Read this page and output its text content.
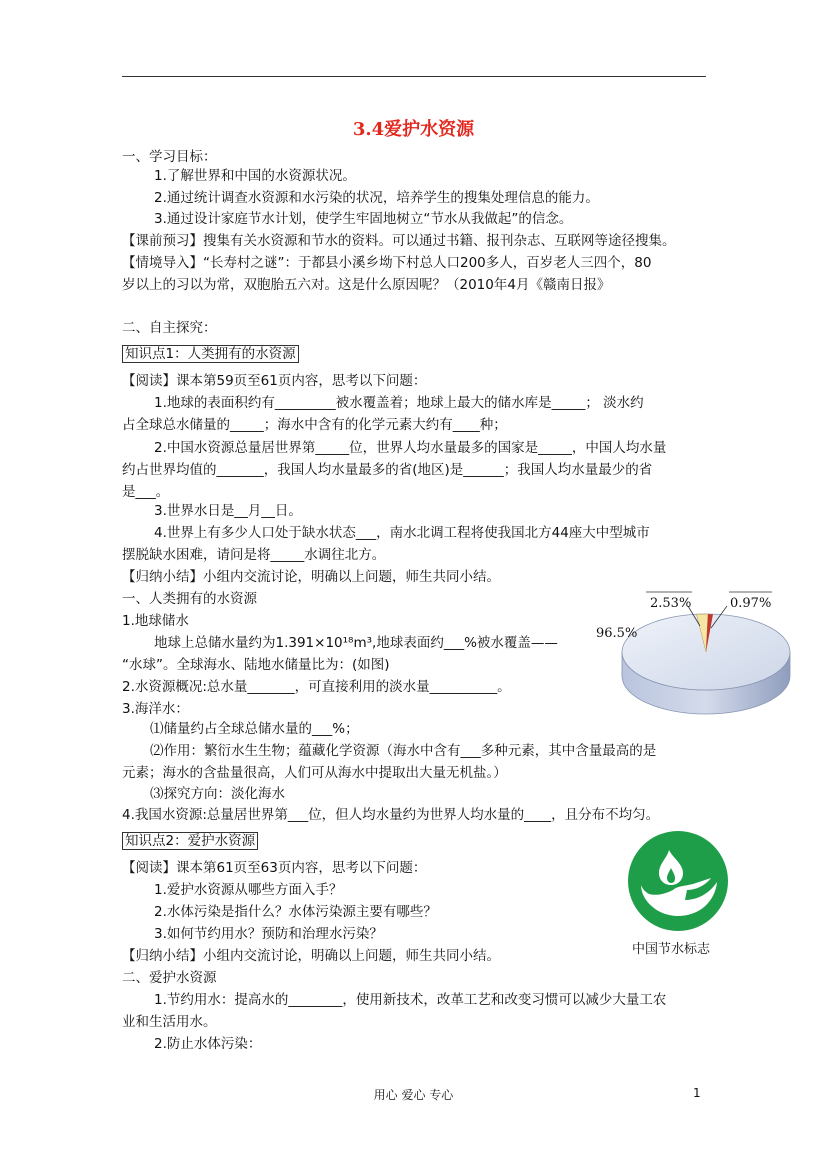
3.4爱护水资源
一、学习目标：
1.了解世界和中国的水资源状况。
2.通过统计调查水资源和水污染的状况，培养学生的搜集处理信息的能力。
3.通过设计家庭节水计划，使学生牢固地树立“节水从我做起”的信念。
【课前预习】搜集有关水资源和节水的资料。可以通过书籍、报刊杂志、互联网等途径搜集。
【情境导入】“长寿村之谜”：于都县小溪乡坳下村总人口200多人，百岁老人三四个，80
岁以上的习以为常，双胞胎五六对。这是什么原因呢？（2010年4月《赣南日报》
二、自主探究：
知识点1：人类拥有的水资源
【阅读】课本第59页至61页内容，思考以下问题：
1.地球的表面积约有_________被水覆盖着；地球上最大的储水库是_____； 淡水约
占全球总水储量的_____；海水中含有的化学元素大约有____种；
2.中国水资源总量居世界第_____位，世界人均水量最多的国家是_____，中国人均水量
约占世界均值的_______，我国人均水量最多的省(地区)是______；我国人均水量最少的省
是___。
3.世界水日是__月__日。
4.世界上有多少人口处于缺水状态___，南水北调工程将使我国北方44座大中型城市
摆脱缺水困难，请问是将_____水调往北方。
【归纳小结】小组内交流讨论，明确以上问题，师生共同小结。
一、人类拥有的水资源
1.地球储水
地球上总储水量约为1.391×10¹⁸m³,地球表面约___%被水覆盖——
“水球”。全球海水、陆地水储量比为：(如图)
2.水资源概况:总水量_______，可直接利用的淡水量__________。
3.海洋水：
⑴储量约占全球总储水量的___%；
⑵作用：繁衍水生生物；蕴藏化学资源（海水中含有___多种元素，其中含量最高的是
元素；海水的含盐量很高，人们可从海水中提取出大量无机盐。）
⑶探究方向：淡化海水
4.我国水资源:总量居世界第___位，但人均水量约为世界人均水量的____，且分布不均匀。
知识点2：爱护水资源
【阅读】课本第61页至63页内容，思考以下问题：
1.爱护水资源从哪些方面入手？
2.水体污染是指什么？水体污染源主要有哪些？
3.如何节约用水？预防和治理水污染？
【归纳小结】小组内交流讨论，明确以上问题，师生共同小结。
二、爱护水资源
1.节约用水：提高水的________，使用新技术，改革工艺和改变习惯可以减少大量工农
业和生活用水。
2.防止水体污染：
2.53%	0.97%
96.5%
中国节水标志
用心 爱心 专心	1
